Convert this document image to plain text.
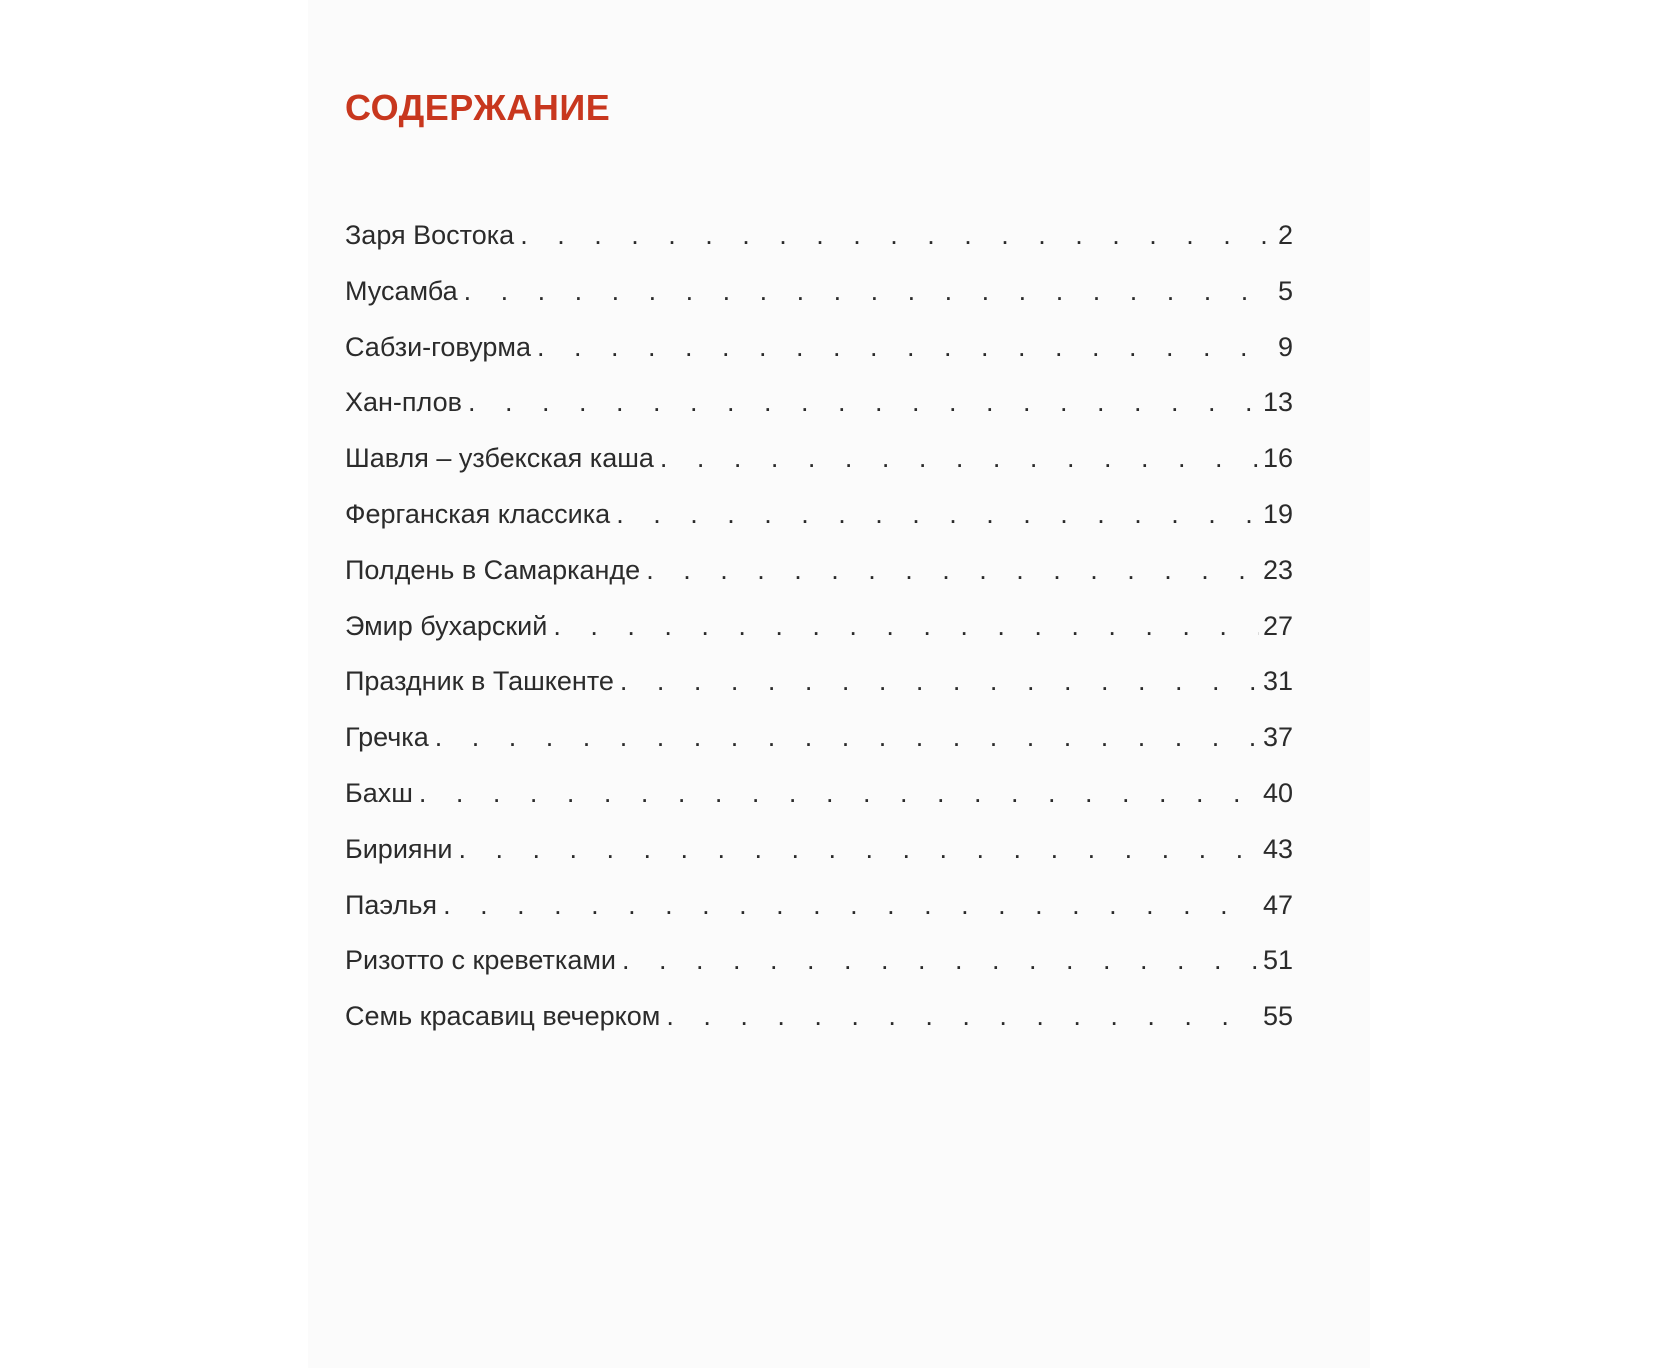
СОДЕРЖАНИЕ
Заря Востока . . .	2
Мусамба . . .	5
Сабзи-говурма . . .	9
Хан-плов . . .	13
Шавля – узбекская каша . . .	16
Ферганская классика . . .	19
Полдень в Самарканде . . .	23
Эмир бухарский . . .	27
Праздник в Ташкенте . . .	31
Гречка . . .	37
Бахш . . .	40
Бирияни . . .	43
Паэлья . . .	47
Ризотто с креветками . . .	51
Семь красавиц вечерком . . .	55
